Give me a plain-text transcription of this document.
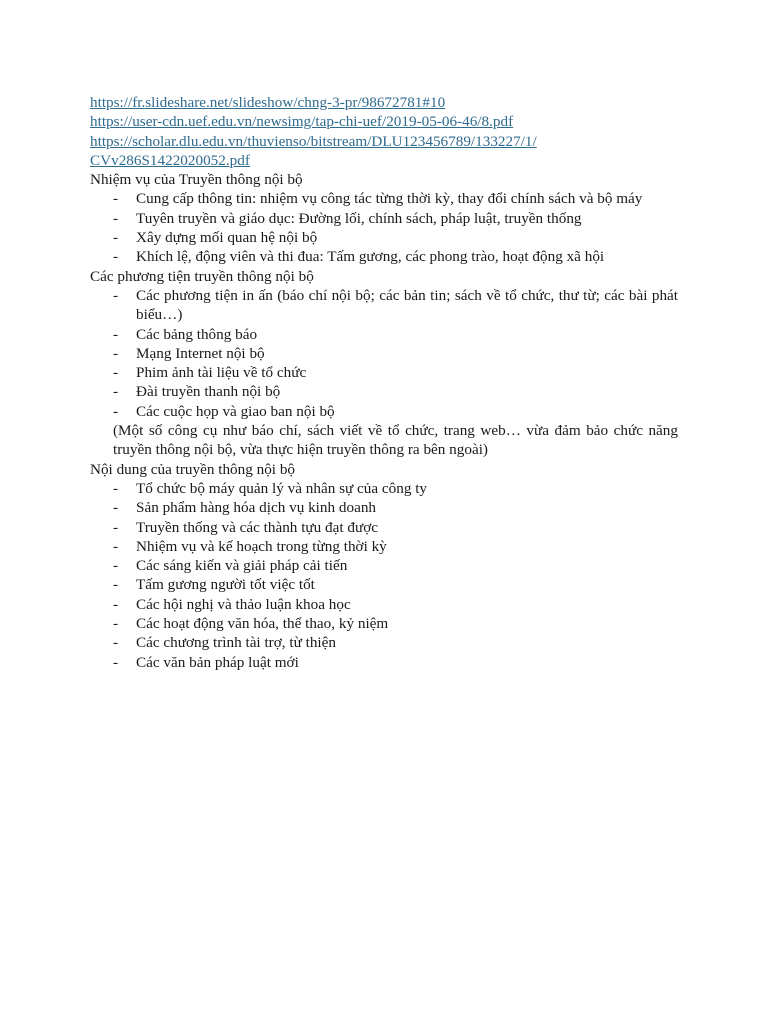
https://fr.slideshare.net/slideshow/chng-3-pr/98672781#10
https://user-cdn.uef.edu.vn/newsimg/tap-chi-uef/2019-05-06-46/8.pdf
https://scholar.dlu.edu.vn/thuvienso/bitstream/DLU123456789/133227/1/
CVv286S1422020052.pdf

Nhiệm vụ của Truyền thông nội bộ

- Cung cấp thông tin: nhiệm vụ công tác từng thời kỳ, thay đổi chính sách và bộ máy
- Tuyên truyền và giáo dục: Đường lối, chính sách, pháp luật, truyền thống
- Xây dựng mối quan hệ nội bộ
- Khích lệ, động viên và thi đua: Tấm gương, các phong trào, hoạt động xã hội

Các phương tiện truyền thông nội bộ

- Các phương tiện in ấn (báo chí nội bộ; các bản tin; sách về tổ chức, thư từ; các bài phát biểu…)
- Các bảng thông báo
- Mạng Internet nội bộ
- Phim ảnh tài liệu về tổ chức
- Đài truyền thanh nội bộ
- Các cuộc họp và giao ban nội bộ
(Một số công cụ như báo chí, sách viết về tổ chức, trang web… vừa đảm bảo chức năng truyền thông nội bộ, vừa thực hiện truyền thông ra bên ngoài)

Nội dung của truyền thông nội bộ

- Tổ chức bộ máy quản lý và nhân sự của công ty
- Sản phẩm hàng hóa dịch vụ kinh doanh
- Truyền thống và các thành tựu đạt được
- Nhiệm vụ và kế hoạch trong từng thời kỳ
- Các sáng kiến và giải pháp cải tiến
- Tấm gương người tốt việc tốt
- Các hội nghị và thảo luận khoa học
- Các hoạt động văn hóa, thể thao, kỷ niệm
- Các chương trình tài trợ, từ thiện
- Các văn bản pháp luật mới
